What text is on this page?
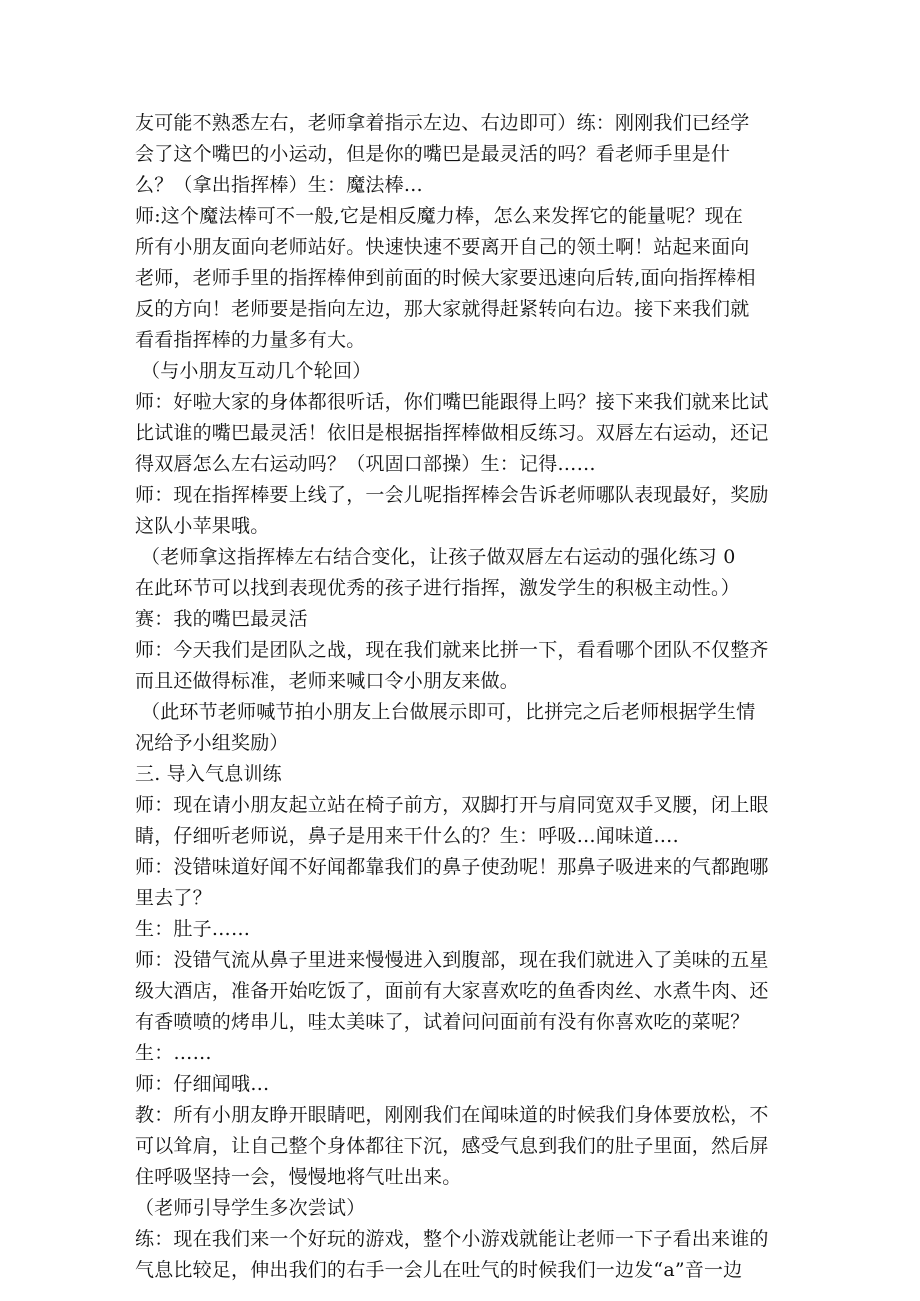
友可能不熟悉左右，老师拿着指示左边、右边即可）练：刚刚我们已经学
会了这个嘴巴的小运动，但是你的嘴巴是最灵活的吗？看老师手里是什
么？（拿出指挥棒）生：魔法棒…
师:这个魔法棒可不一般,它是相反魔力棒，怎么来发挥它的能量呢？现在
所有小朋友面向老师站好。快速快速不要离开自己的领土啊！站起来面向
老师，老师手里的指挥棒伸到前面的时候大家要迅速向后转,面向指挥棒相
反的方向！老师要是指向左边，那大家就得赶紧转向右边。接下来我们就
看看指挥棒的力量多有大。
（与小朋友互动几个轮回）
师：好啦大家的身体都很听话，你们嘴巴能跟得上吗？接下来我们就来比试
比试谁的嘴巴最灵活！依旧是根据指挥棒做相反练习。双唇左右运动，还记
得双唇怎么左右运动吗？（巩固口部操）生：记得……
师：现在指挥棒要上线了，一会儿呢指挥棒会告诉老师哪队表现最好，奖励
这队小苹果哦。
（老师拿这指挥棒左右结合变化，让孩子做双唇左右运动的强化练习 0
在此环节可以找到表现优秀的孩子进行指挥，激发学生的积极主动性。）
赛：我的嘴巴最灵活
师：今天我们是团队之战，现在我们就来比拼一下，看看哪个团队不仅整齐
而且还做得标准，老师来喊口令小朋友来做。
（此环节老师喊节拍小朋友上台做展示即可，比拼完之后老师根据学生情
况给予小组奖励）
三. 导入气息训练
师：现在请小朋友起立站在椅子前方，双脚打开与肩同宽双手叉腰，闭上眼
睛，仔细听老师说，鼻子是用来干什么的？生：呼吸…闻味道….
师：没错味道好闻不好闻都靠我们的鼻子使劲呢！那鼻子吸进来的气都跑哪
里去了？
生：肚子……
师：没错气流从鼻子里进来慢慢进入到腹部，现在我们就进入了美味的五星
级大酒店，准备开始吃饭了，面前有大家喜欢吃的鱼香肉丝、水煮牛肉、还
有香喷喷的烤串儿，哇太美味了，试着问问面前有没有你喜欢吃的菜呢？
生：……
师：仔细闻哦…
教：所有小朋友睁开眼睛吧，刚刚我们在闻味道的时候我们身体要放松，不
可以耸肩，让自己整个身体都往下沉，感受气息到我们的肚子里面，然后屏
住呼吸坚持一会，慢慢地将气吐出来。
（老师引导学生多次尝试）
练：现在我们来一个好玩的游戏，整个小游戏就能让老师一下子看出来谁的
气息比较足，伸出我们的右手一会儿在吐气的时候我们一边发“a”音一边
